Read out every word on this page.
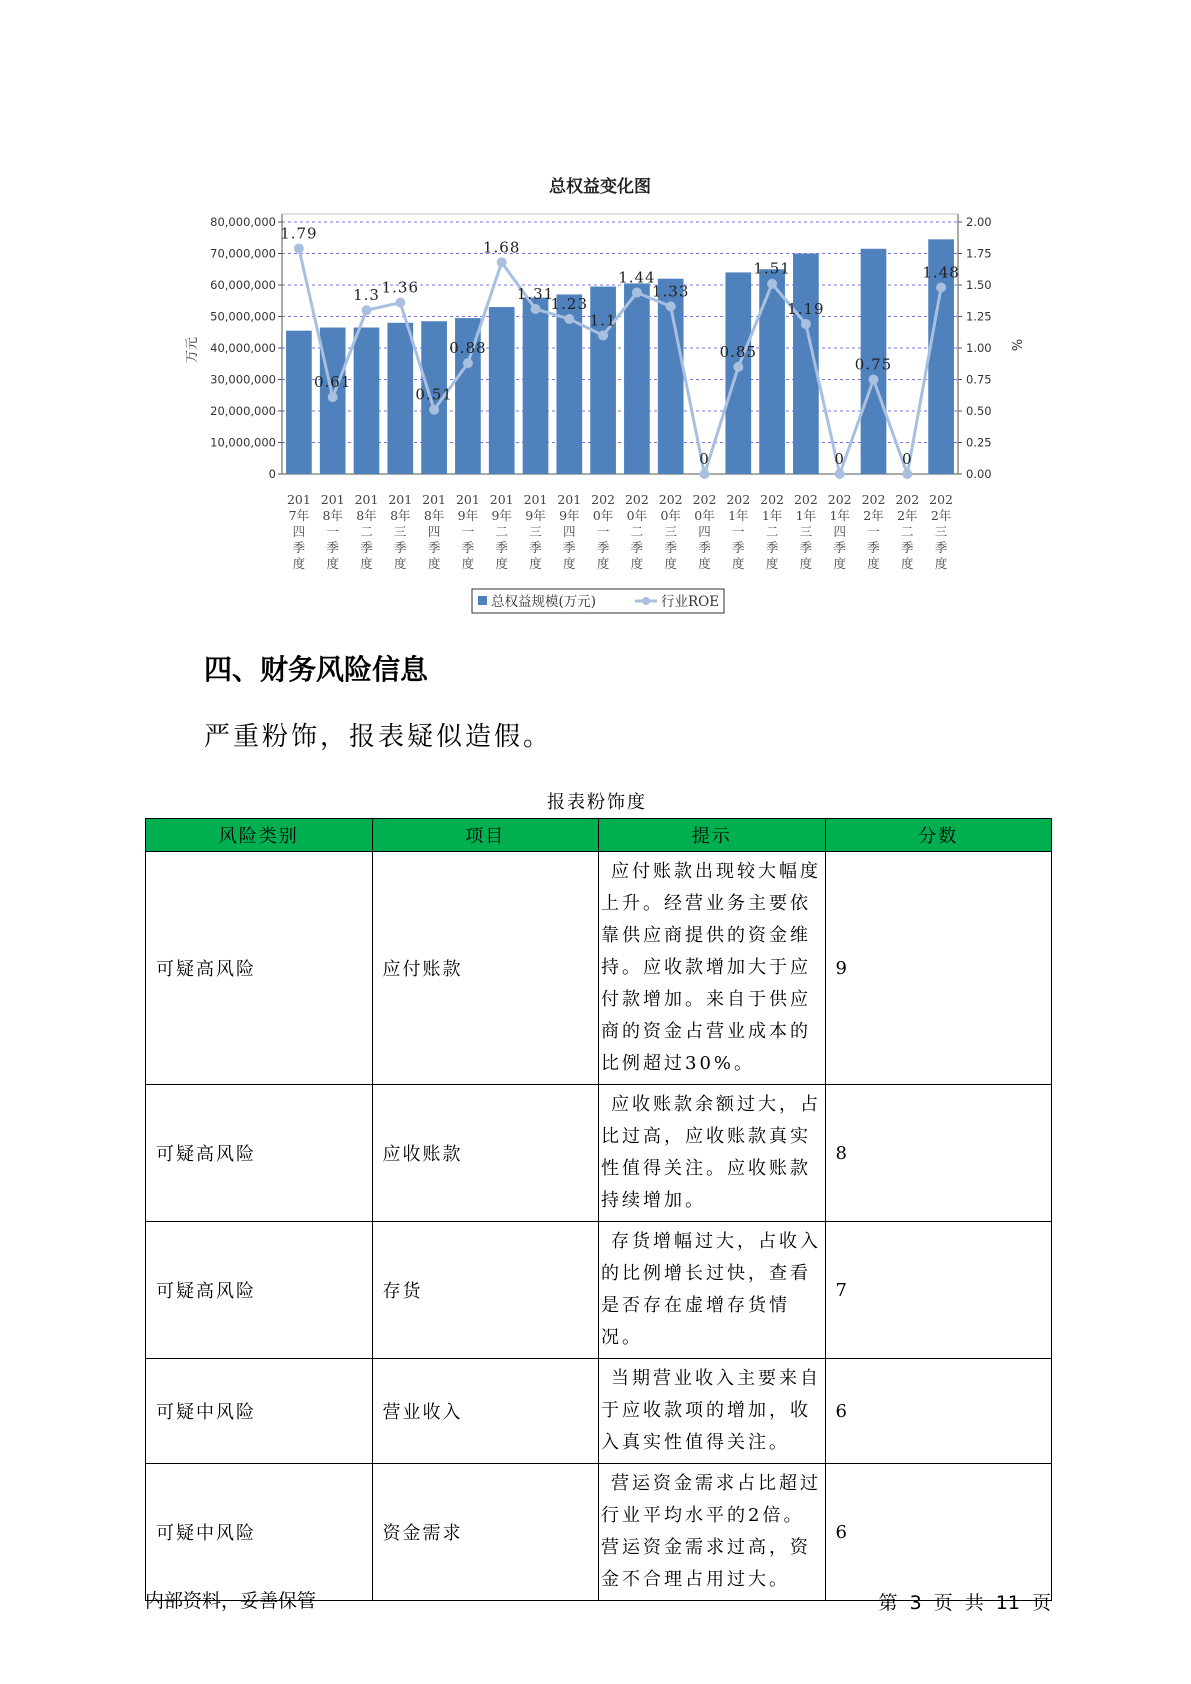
总权益变化图
0
10,000,000
20,000,000
30,000,000
40,000,000
50,000,000
60,000,000
70,000,000
80,000,000
0.00
0.25
0.50
0.75
1.00
1.25
1.50
1.75
2.00
万元	%
1.79
0.61
1.3 1.36
0.51
0.88
1.68
1.31
1.23
1.1
1.44
1.33
0
0.85
1.51
1.19
0
0.75
0
1.48
201
7年
四
季
度
201
8年
一
季
度
201
8年
二
季
度
201
8年
三
季
度
201
8年
四
季
度
201
9年
一
季
度
201
9年
二
季
度
201
9年
三
季
度
201
9年
四
季
度
202
0年
一
季
度
202
0年
二
季
度
202
0年
三
季
度
202
0年
四
季
度
202
1年
一
季
度
202
1年
二
季
度
202
1年
三
季
度
202
1年
四
季
度
202
2年
一
季
度
202
2年
二
季
度
202
2年
三
季
度
总权益规模(万元)	行业ROE
四、财务风险信息

严重粉饰，报表疑似造假。

报表粉饰度
风险类别	项目	提示	分数
可疑高风险	应付账款	应付账款出现较大幅度上升。经营业务主要依靠供应商提供的资金维持。应收款增加大于应付款增加。来自于供应商的资金占营业成本的比例超过30%。	9
可疑高风险	应收账款	应收账款余额过大，占比过高，应收账款真实性值得关注。应收账款持续增加。	8
可疑高风险	存货	存货增幅过大，占收入的比例增长过快，查看是否存在虚增存货情况。	7
可疑中风险	营业收入	当期营业收入主要来自于应收款项的增加，收入真实性值得关注。	6
可疑中风险	资金需求	营运资金需求占比超过行业平均水平的2倍。营运资金需求过高，资金不合理占用过大。	6
内部资料，妥善保管	第 3 页 共 11 页
